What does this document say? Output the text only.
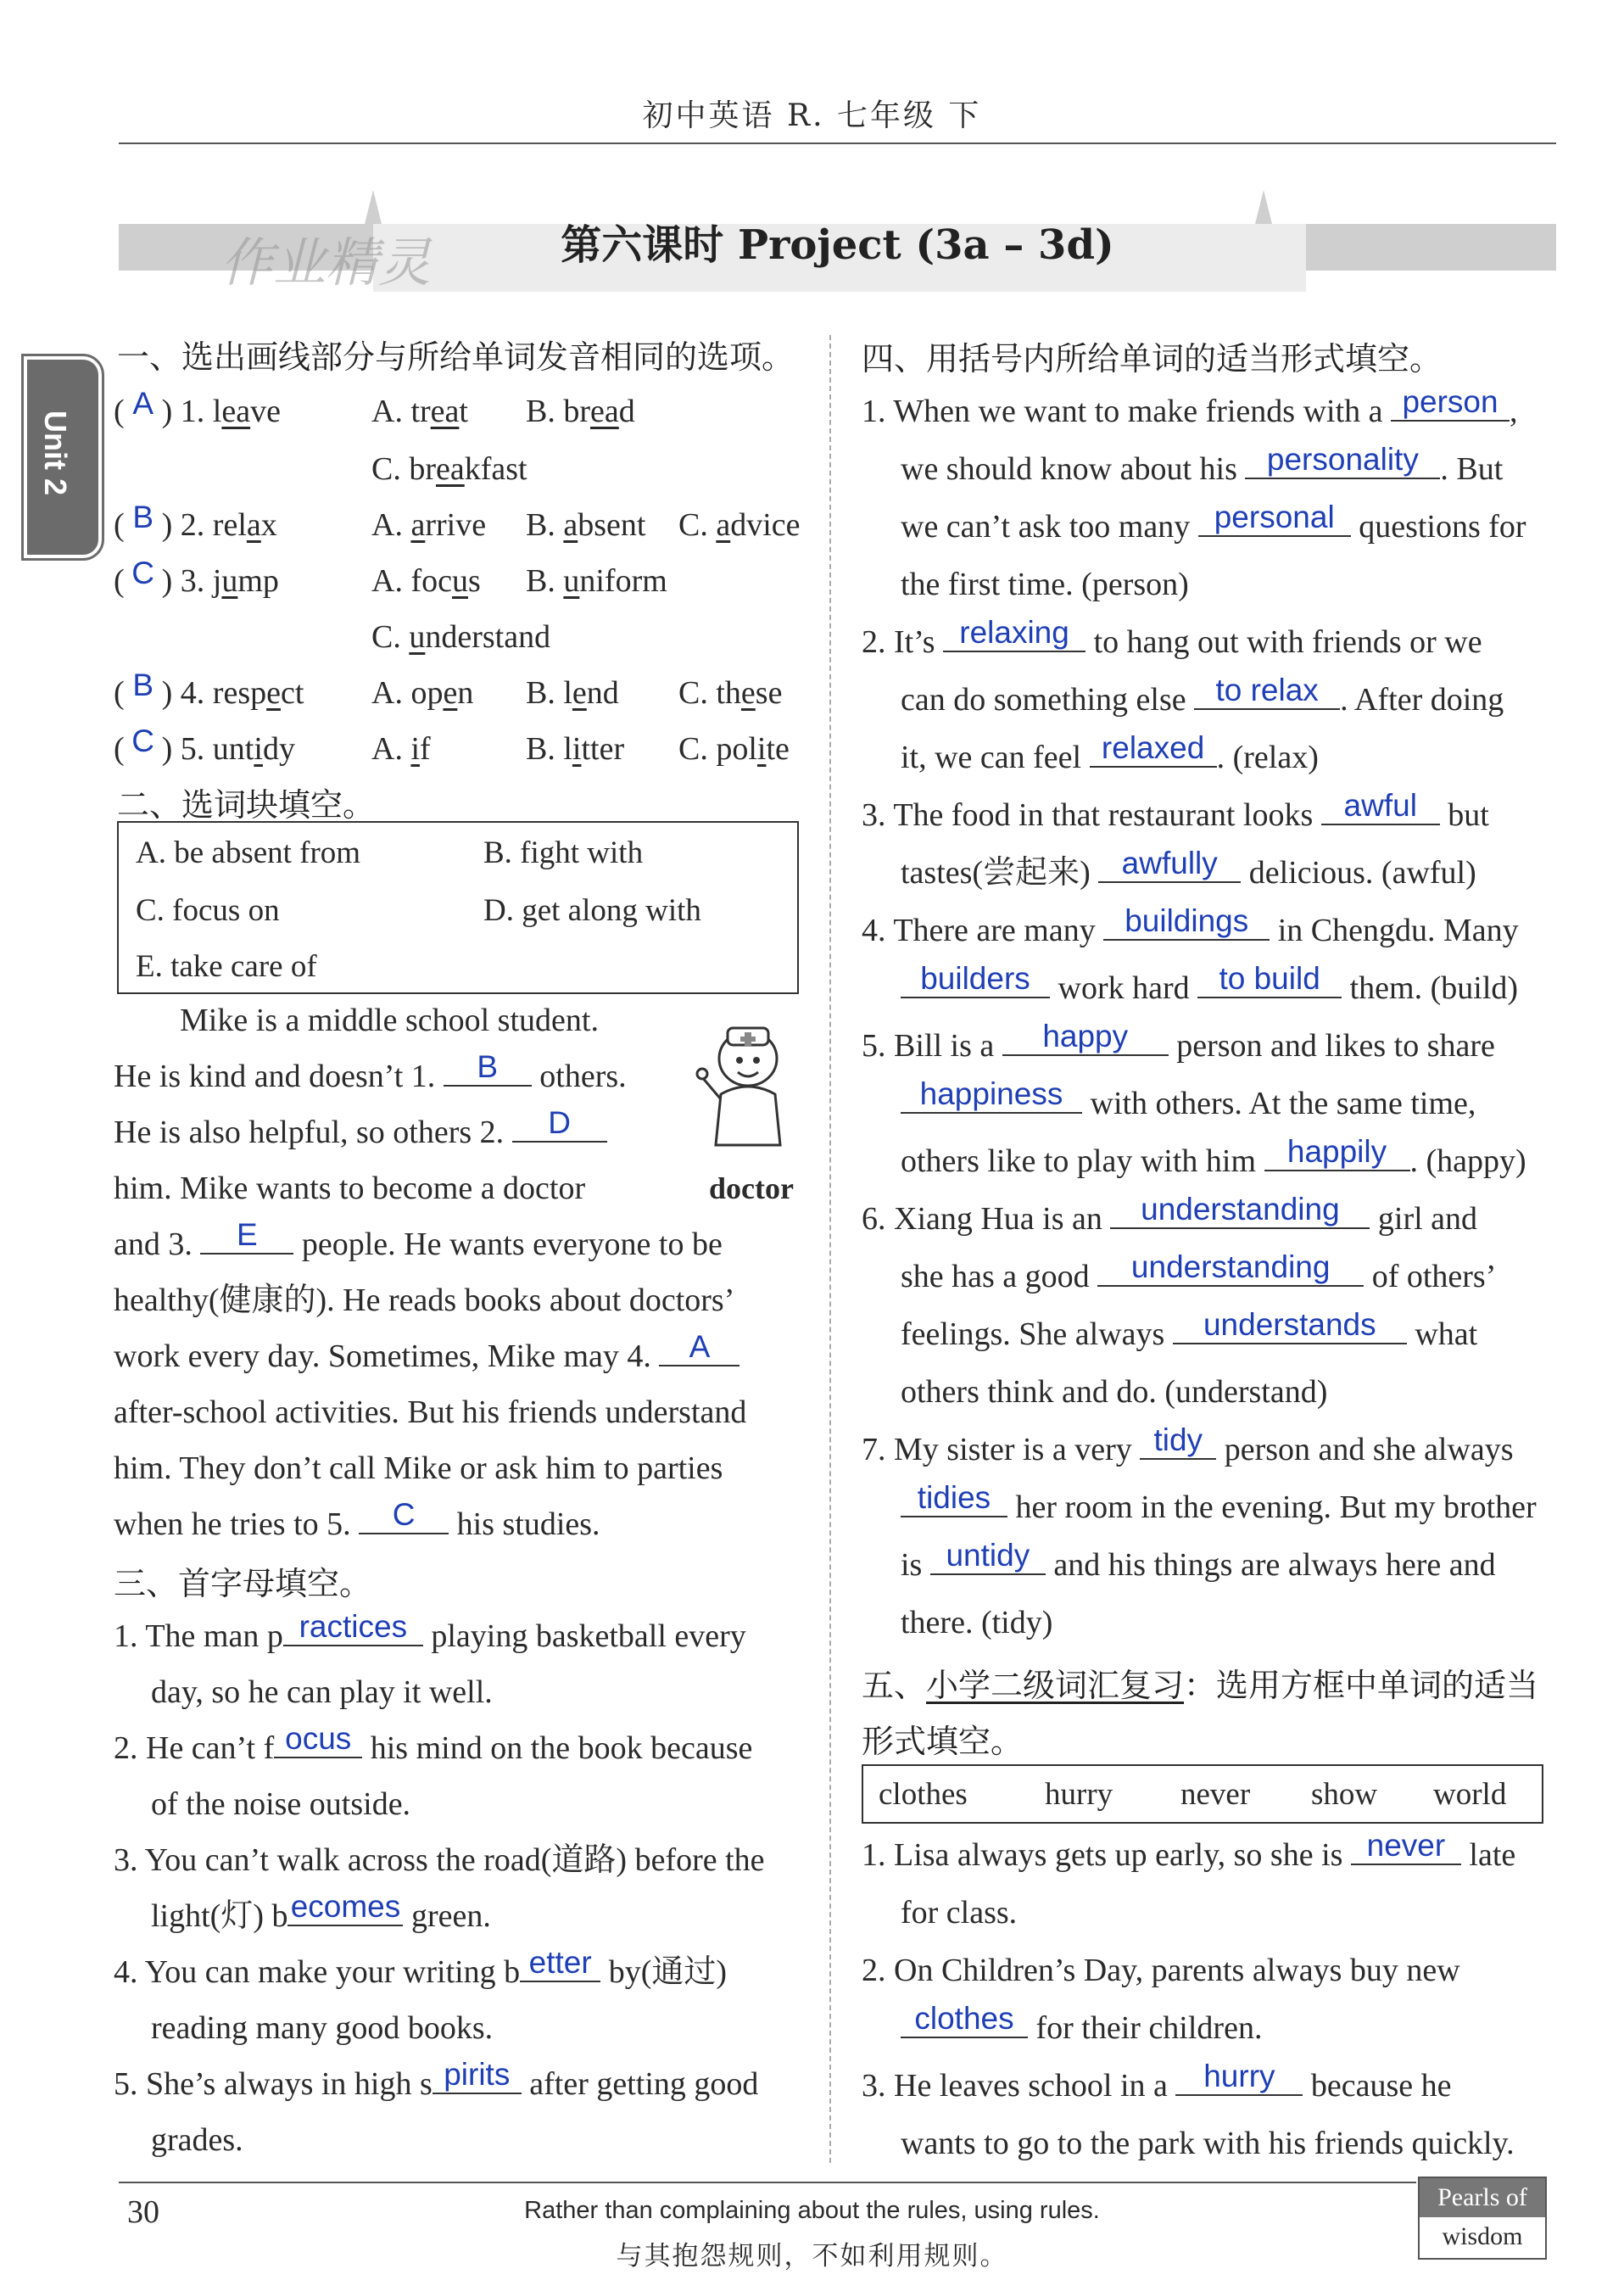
初中英语 R. 七年级 下
作业精灵	第六课时 Project (3a – 3d)
Unit 2
一、选出画线部分与所给单词发音相同的选项。
( A ) 1. leave	A. treat B. bread
C. breakfast
( B ) 2. relax	A. arrive B. absent C. advice
( C ) 3. jump	A. focus B. uniform
C. understand
( B ) 4. respect A. open B. lend C. these
( C ) 5. untidy A. if	B. litter C. polite
二、选词块填空。
A. be absent from	B. fight with
C. focus on	D. get along with
E. take care of
doctor
Mike is a middle school student.
He is kind and doesn’t 1.	B	others.
He is also helpful, so others 2.	D
him. Mike wants to become a doctor
and 3.	E	people. He wants everyone to be
healthy(健康的). He reads books about doctors’
work every day. Sometimes, Mike may 4.	A
after-school activities. But his friends understand
him. They don’t call Mike or ask him to parties
when he tries to 5.	C	his studies.
三、首字母填空。
1. The man p ractices playing basketball every
day, so he can play it well.
2. He can’t f ocus his mind on the book because
of the noise outside.
3. You can’t walk across the road(道路) before the
light(灯) b ecomes green.
4. You can make your writing b etter by(通过)
reading many good books.
5. She’s always in high s pirits after getting good
grades.
四、用括号内所给单词的适当形式填空。
1. When we want to make friends with a person ,
we should know about his personality . But
we can’t ask too many personal questions for
the first time. (person)
2. It’s relaxing to hang out with friends or we
can do something else to relax . After doing
it, we can feel relaxed . (relax)
3. The food in that restaurant looks awful but
tastes(尝起来) awfully delicious. (awful)
4. There are many buildings in Chengdu. Many
builders work hard to build them. (build)
5. Bill is a	happy	person and likes to share
happiness with others. At the same time,
others like to play with him happily . (happy)
6. Xiang Hua is an	understanding	girl and
she has a good	understanding	of others’
feelings. She always	understands	what
others think and do. (understand)
7. My sister is a very tidy person and she always
tidies her room in the evening. But my brother
is untidy and his things are always here and
there. (tidy)
五、小学二级词汇复习：选用方框中单词的适当
形式填空。
clothes hurry never show world
1. Lisa always gets up early, so she is never late
for class.
2. On Children’s Day, parents always buy new
clothes for their children.
3. He leaves school in a	hurry	because he
wants to go to the park with his friends quickly.
30	Rather than complaining about the rules, using rules.
与其抱怨规则，不如利用规则。
Pearls of
wisdom
